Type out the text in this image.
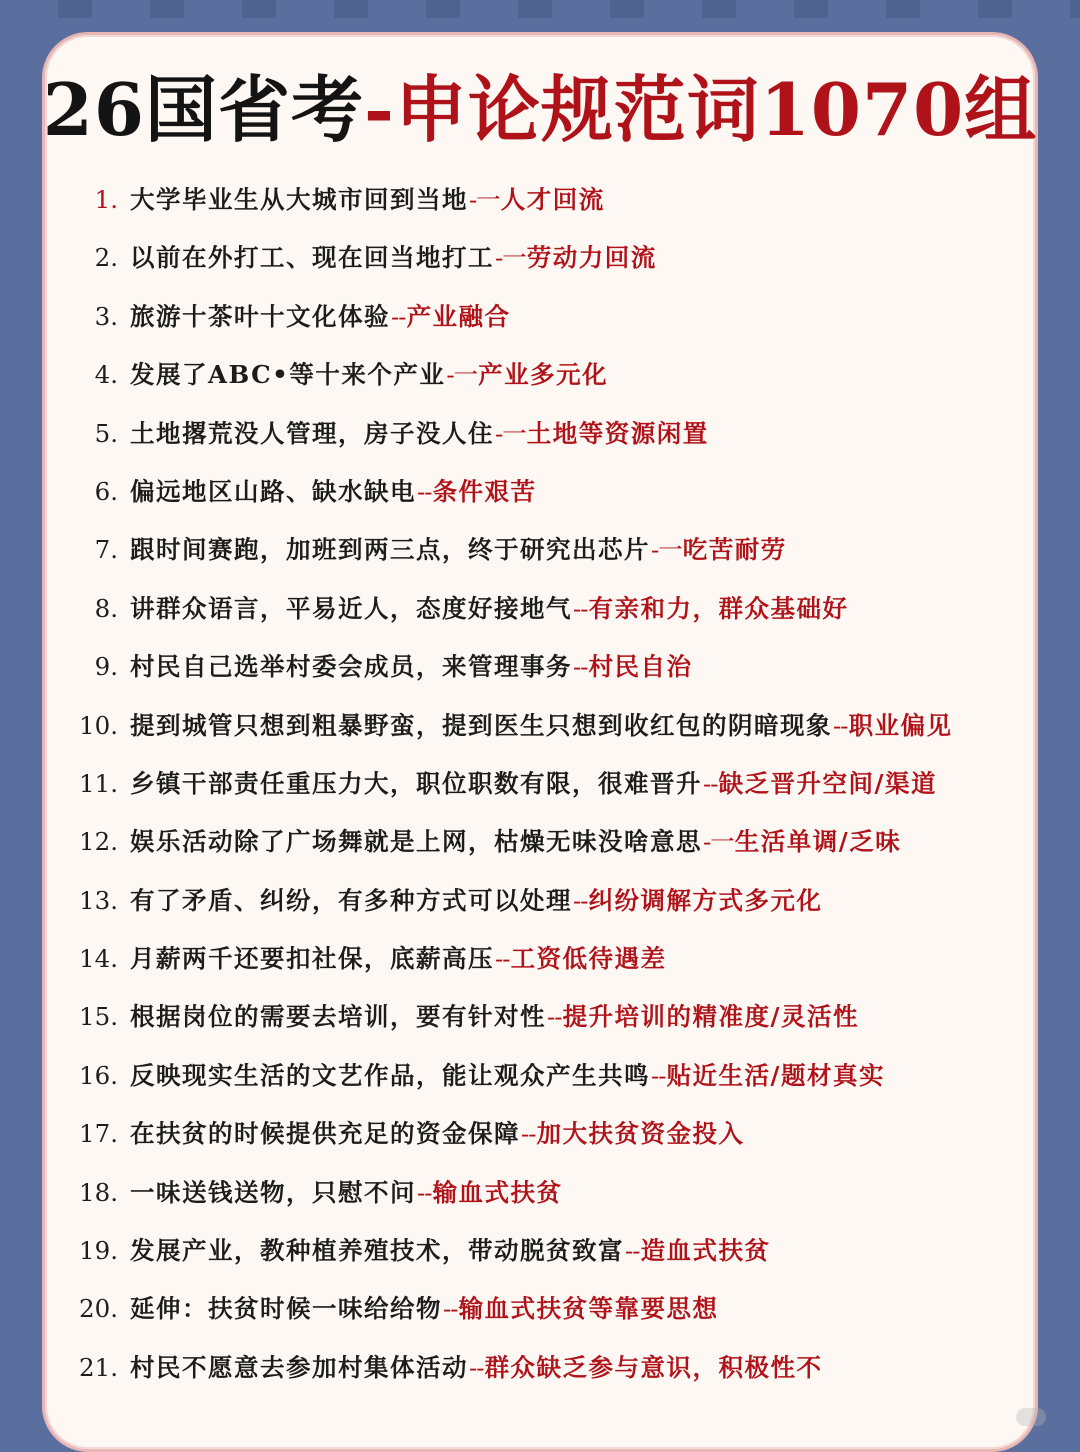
26国省考-申论规范词1070组
1. 大学毕业生从大城市回到当地 -一 人才回流
2. 以前在外打工、现在回当地打工 -一 劳动力回流
3. 旅游十茶叶十文化体验 -- 产业融合
4. 发展了ABC•等十来个产业 -一 产业多元化
5. 土地撂荒没人管理，房子没人住 -一 土地等资源闲置
6. 偏远地区山路、缺水缺电 -- 条件艰苦
7. 跟时间赛跑，加班到两三点，终于研究出芯片 -一 吃苦耐劳
8. 讲群众语言，平易近人，态度好接地气 -- 有亲和力，群众基础好
9. 村民自己选举村委会成员，来管理事务 -- 村民自治
10. 提到城管只想到粗暴野蛮，提到医生只想到收红包的阴暗现象 -- 职业偏见
11. 乡镇干部责任重压力大，职位职数有限，很难晋升 -- 缺乏晋升空间/渠道
12. 娱乐活动除了广场舞就是上网，枯燥无味没啥意思 -一 生活单调/乏味
13. 有了矛盾、纠纷，有多种方式可以处理 -- 纠纷调解方式多元化
14. 月薪两千还要扣社保，底薪高压 -- 工资低待遇差
15. 根据岗位的需要去培训，要有针对性 -- 提升培训的精准度/灵活性
16. 反映现实生活的文艺作品，能让观众产生共鸣 -- 贴近生活/题材真实
17. 在扶贫的时候提供充足的资金保障 -- 加大扶贫资金投入
18. 一味送钱送物，只慰不问 -- 输血式扶贫
19. 发展产业，教种植养殖技术，带动脱贫致富 -- 造血式扶贫
20. 延伸：扶贫时候一味给给物 -- 输血式扶贫等靠要思想
21. 村民不愿意去参加村集体活动 -- 群众缺乏参与意识，积极性不
